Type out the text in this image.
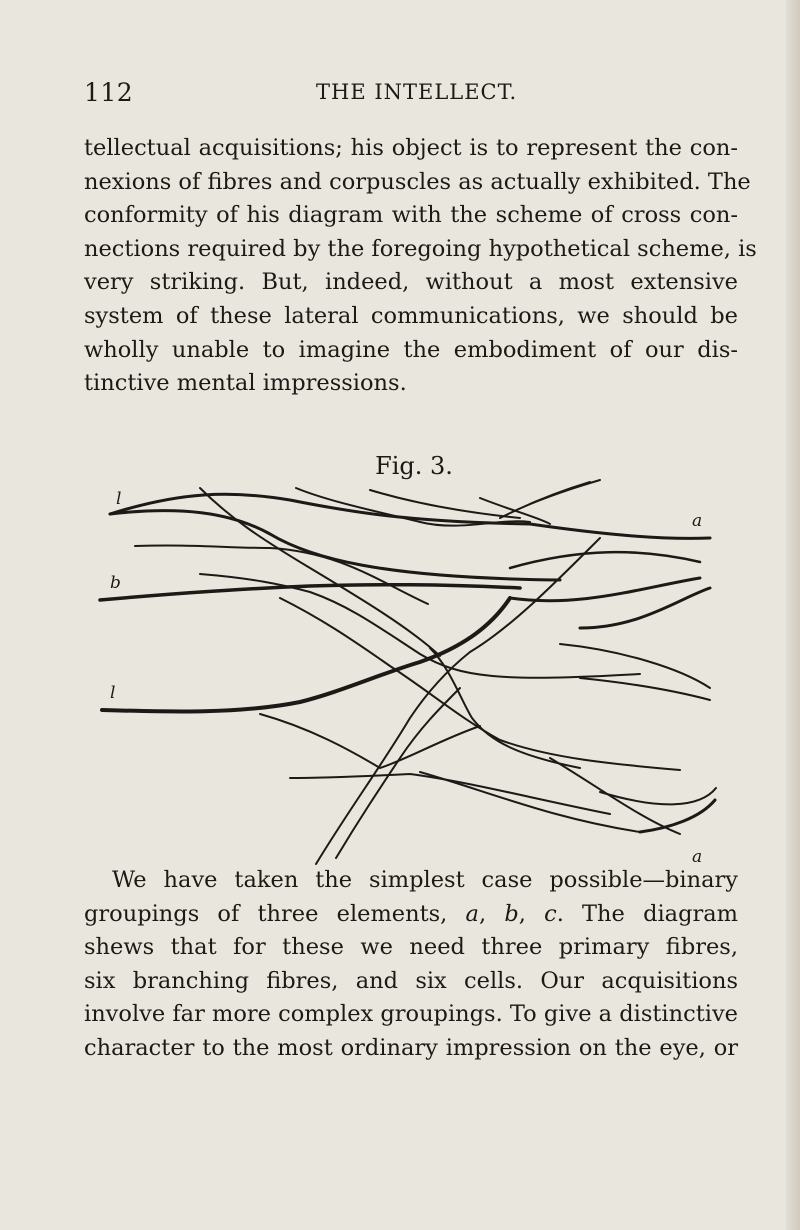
112	THE INTELLECT.

tellectual acquisitions; his object is to represent the con-
nexions of fibres and corpuscles as actually exhibited. The
conformity of his diagram with the scheme of cross con-
nections required by the foregoing hypothetical scheme, is
very striking. But, indeed, without a most extensive
system of these lateral communications, we should be
wholly unable to imagine the embodiment of our dis-
tinctive mental impressions.

Fig. 3.
l
b
l
a
a

We have taken the simplest case possible—binary
groupings of three elements, a, b, c. The diagram
shews that for these we need three primary fibres,
six branching fibres, and six cells. Our acquisitions
involve far more complex groupings. To give a distinctive
character to the most ordinary impression on the eye, or
